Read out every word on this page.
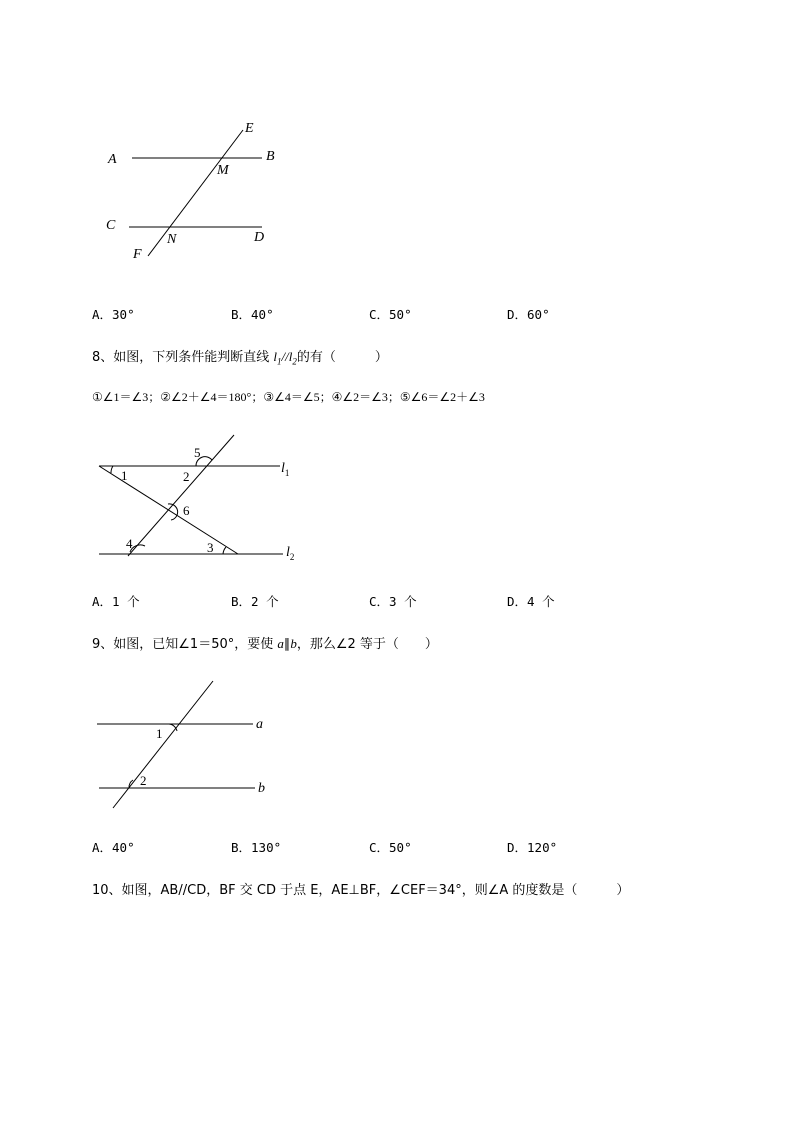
E
A	B
M
C
N	D
F
A．30°	B．40°	C．50°	D．60°
8、如图，下列条件能判断直线 $l_1//l_2$的有（　　　）
①∠1＝∠3；②∠2＋∠4＝180°；③∠4＝∠5；④∠2＝∠3；⑤∠6＝∠2＋∠3
5
1	2
6
4	3
$l_1$
$l_2$
A．1 个	B．2 个	C．3 个	D．4 个
9、如图，已知∠1＝50°，要使 a∥b，那么∠2 等于（　　）
1
2
a
b
A．40°	B．130°	C．50°	D．120°
10、如图，AB//CD，BF 交 CD 于点 E，AE⊥BF，∠CEF＝34°，则∠A 的度数是（　　　）
